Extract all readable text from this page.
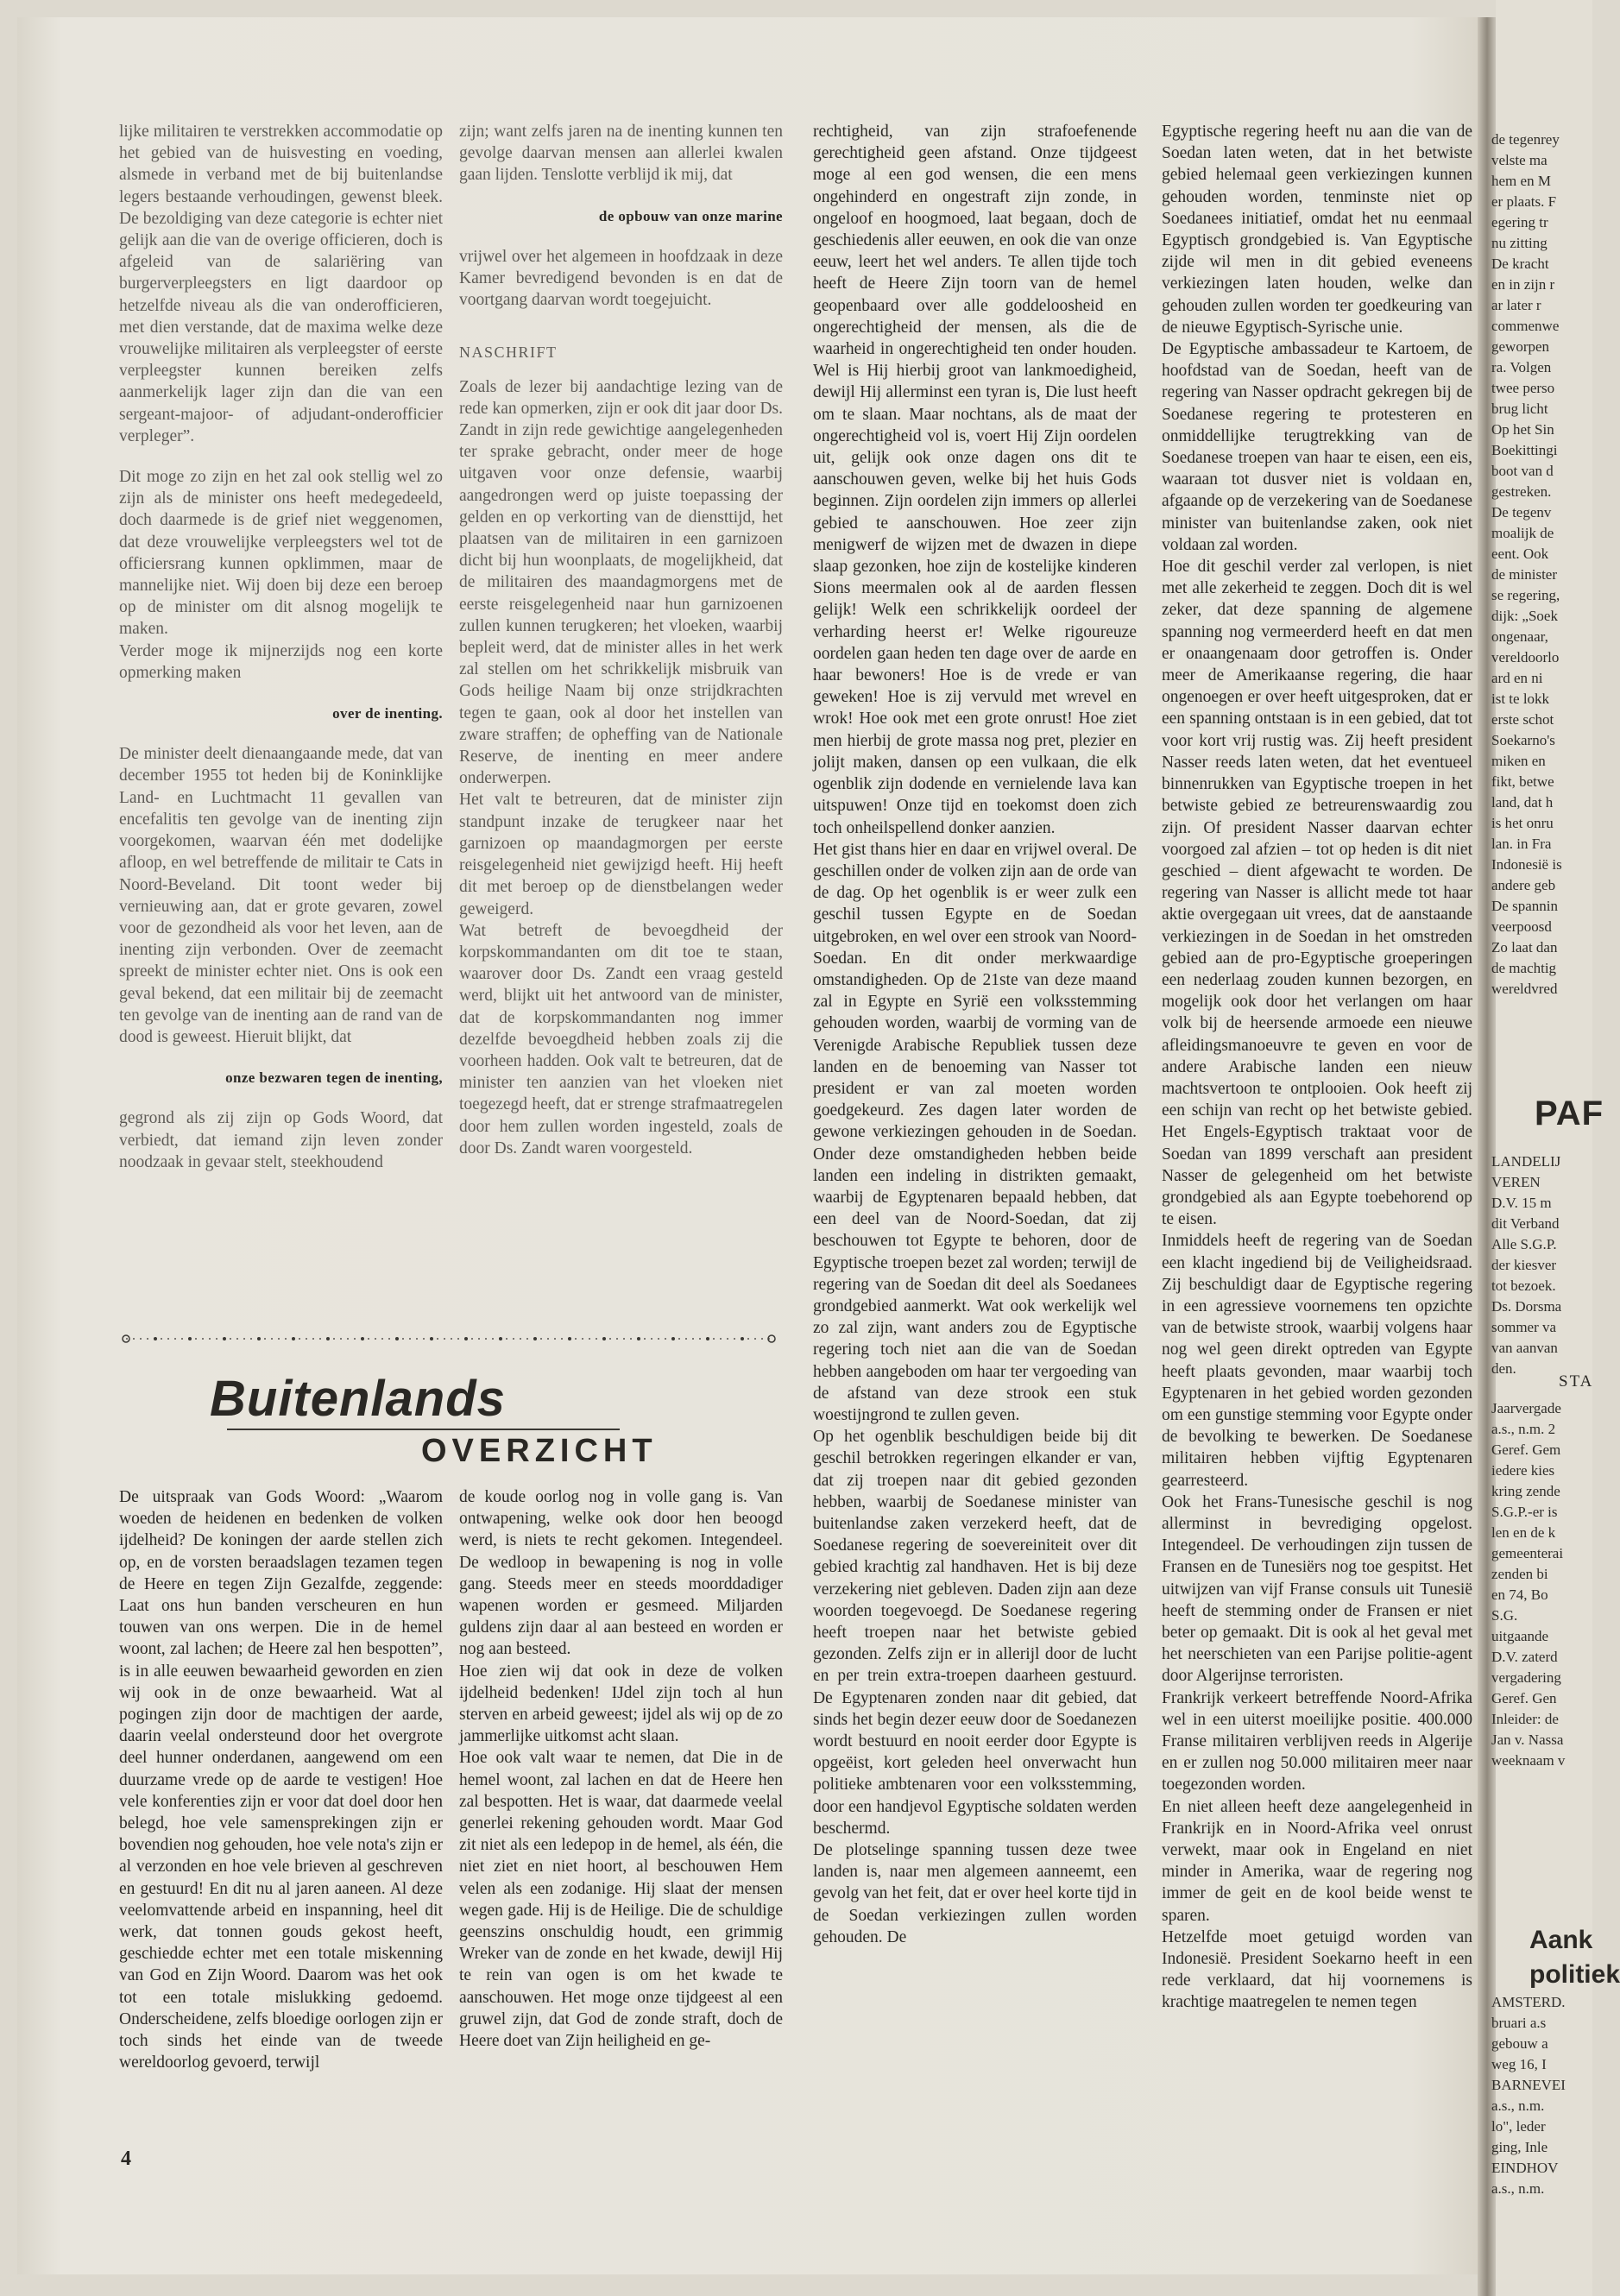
lijke militairen te verstrekken accommodatie op het gebied van de huisvesting en voeding, alsmede in verband met de bij buitenlandse legers bestaande verhoudingen, gewenst bleek. De bezoldiging van deze categorie is echter niet gelijk aan die van de overige officieren, doch is afgeleid van de salariëring van burgerverpleegsters en ligt daardoor op hetzelfde niveau als die van onderofficieren, met dien verstande, dat de maxima welke deze vrouwelijke militairen als verpleegster of eerste verpleegster kunnen bereiken zelfs aanmerkelijk lager zijn dan die van een sergeant-majoor- of adjudant-onderofficier verpleger”.

Dit moge zo zijn en het zal ook stellig wel zo zijn als de minister ons heeft medegedeeld, doch daarmede is de grief niet weggenomen, dat deze vrouwelijke verpleegsters wel tot de officiersrang kunnen opklimmen, maar de mannelijke niet. Wij doen bij deze een beroep op de minister om dit alsnog mogelijk te maken.

Verder moge ik mijnerzijds nog een korte opmerking maken

over de inenting.

De minister deelt dienaangaande mede, dat van december 1955 tot heden bij de Koninklijke Land- en Luchtmacht 11 gevallen van encefalitis ten gevolge van de inenting zijn voorgekomen, waarvan één met dodelijke afloop, en wel betreffende de militair te Cats in Noord-Beveland. Dit toont weder bij vernieuwing aan, dat er grote gevaren, zowel voor de gezondheid als voor het leven, aan de inenting zijn verbonden. Over de zeemacht spreekt de minister echter niet. Ons is ook een geval bekend, dat een militair bij de zeemacht ten gevolge van de inenting aan de rand van de dood is geweest. Hieruit blijkt, dat

onze bezwaren tegen de inenting,

gegrond als zij zijn op Gods Woord, dat verbiedt, dat iemand zijn leven zonder noodzaak in gevaar stelt, steekhoudend

zijn; want zelfs jaren na de inenting kunnen ten gevolge daarvan mensen aan allerlei kwalen gaan lijden. Tenslotte verblijd ik mij, dat

de opbouw van onze marine

vrijwel over het algemeen in hoofdzaak in deze Kamer bevredigend bevonden is en dat de voortgang daarvan wordt toegejuicht.

NASCHRIFT

Zoals de lezer bij aandachtige lezing van de rede kan opmerken, zijn er ook dit jaar door Ds. Zandt in zijn rede gewichtige aangelegenheden ter sprake gebracht, onder meer de hoge uitgaven voor onze defensie, waarbij aangedrongen werd op juiste toepassing der gelden en op verkorting van de diensttijd, het plaatsen van de militairen in een garnizoen dicht bij hun woonplaats, de mogelijkheid, dat de militairen des maandagmorgens met de eerste reisgelegenheid naar hun garnizoenen zullen kunnen terugkeren; het vloeken, waarbij bepleit werd, dat de minister alles in het werk zal stellen om het schrikkelijk misbruik van Gods heilige Naam bij onze strijdkrachten tegen te gaan, ook al door het instellen van zware straffen; de opheffing van de Nationale Reserve, de inenting en meer andere onderwerpen.

Het valt te betreuren, dat de minister zijn standpunt inzake de terugkeer naar het garnizoen op maandagmorgen per eerste reisgelegenheid niet gewijzigd heeft. Hij heeft dit met beroep op de dienstbelangen weder geweigerd.

Wat betreft de bevoegdheid der korpskommandanten om dit toe te staan, waarover door Ds. Zandt een vraag gesteld werd, blijkt uit het antwoord van de minister, dat de korpskommandanten nog immer dezelfde bevoegdheid hebben zoals zij die voorheen hadden. Ook valt te betreuren, dat de minister ten aanzien van het vloeken niet toegezegd heeft, dat er strenge strafmaatregelen door hem zullen worden ingesteld, zoals de door Ds. Zandt waren voorgesteld.

rechtigheid, van zijn strafoefenende gerechtigheid geen afstand. Onze tijdgeest moge al een god wensen, die een mens ongehinderd en ongestraft zijn zonde, in ongeloof en hoogmoed, laat begaan, doch de geschiedenis aller eeuwen, en ook die van onze eeuw, leert het wel anders. Te allen tijde toch heeft de Heere Zijn toorn van de hemel geopenbaard over alle goddeloosheid en ongerechtigheid der mensen, als die de waarheid in ongerechtigheid ten onder houden. Wel is Hij hierbij groot van lankmoedigheid, dewijl Hij allerminst een tyran is, Die lust heeft om te slaan. Maar nochtans, als de maat der ongerechtigheid vol is, voert Hij Zijn oordelen uit, gelijk ook onze dagen ons dit te aanschouwen geven, welke bij het huis Gods beginnen. Zijn oordelen zijn immers op allerlei gebied te aanschouwen. Hoe zeer zijn menigwerf de wijzen met de dwazen in diepe slaap gezonken, hoe zijn de kostelijke kinderen Sions meermalen ook al de aarden flessen gelijk! Welk een schrikkelijk oordeel der verharding heerst er! Welke rigoureuze oordelen gaan heden ten dage over de aarde en haar bewoners! Hoe is de vrede er van geweken! Hoe is zij vervuld met wrevel en wrok! Hoe ook met een grote onrust! Hoe ziet men hierbij de grote massa nog pret, plezier en jolijt maken, dansen op een vulkaan, die elk ogenblik zijn dodende en vernielende lava kan uitspuwen! Onze tijd en toekomst doen zich toch onheilspellend donker aanzien.

Het gist thans hier en daar en vrijwel overal. De geschillen onder de volken zijn aan de orde van de dag. Op het ogenblik is er weer zulk een geschil tussen Egypte en de Soedan uitgebroken, en wel over een strook van Noord-Soedan. En dit onder merkwaardige omstandigheden. Op de 21ste van deze maand zal in Egypte en Syrië een volksstemming gehouden worden, waarbij de vorming van de Verenigde Arabische Republiek tussen deze landen en de benoeming van Nasser tot president er van zal moeten worden goedgekeurd. Zes dagen later worden de gewone verkiezingen gehouden in de Soedan. Onder deze omstandigheden hebben beide landen een indeling in distrikten gemaakt, waarbij de Egyptenaren bepaald hebben, dat een deel van de Noord-Soedan, dat zij beschouwen tot Egypte te behoren, door de Egyptische troepen bezet zal worden; terwijl de regering van de Soedan dit deel als Soedanees grondgebied aanmerkt. Wat ook werkelijk wel zo zal zijn, want anders zou de Egyptische regering toch niet aan die van de Soedan hebben aangeboden om haar ter vergoeding van de afstand van deze strook een stuk woestijngrond te zullen geven.

Op het ogenblik beschuldigen beide bij dit geschil betrokken regeringen elkander er van, dat zij troepen naar dit gebied gezonden hebben, waarbij de Soedanese minister van buitenlandse zaken verzekerd heeft, dat de Soedanese regering de soevereiniteit over dit gebied krachtig zal handhaven. Het is bij deze verzekering niet gebleven. Daden zijn aan deze woorden toegevoegd. De Soedanese regering heeft troepen naar het betwiste gebied gezonden. Zelfs zijn er in allerijl door de lucht en per trein extra-troepen daarheen gestuurd. De Egyptenaren zonden naar dit gebied, dat sinds het begin dezer eeuw door de Soedanezen wordt bestuurd en nooit eerder door Egypte is opgeëist, kort geleden heel onverwacht hun politieke ambtenaren voor een volksstemming, door een handjevol Egyptische soldaten werden beschermd.

De plotselinge spanning tussen deze twee landen is, naar men algemeen aanneemt, een gevolg van het feit, dat er over heel korte tijd in de Soedan verkiezingen zullen worden gehouden. De

Egyptische regering heeft nu aan die van de Soedan laten weten, dat in het betwiste gebied helemaal geen verkiezingen kunnen gehouden worden, tenminste niet op Soedanees initiatief, omdat het nu eenmaal Egyptisch grondgebied is. Van Egyptische zijde wil men in dit gebied eveneens verkiezingen laten houden, welke dan gehouden zullen worden ter goedkeuring van de nieuwe Egyptisch-Syrische unie.

De Egyptische ambassadeur te Kartoem, de hoofdstad van de Soedan, heeft van de regering van Nasser opdracht gekregen bij de Soedanese regering te protesteren en onmiddellijke terugtrekking van de Soedanese troepen van haar te eisen, een eis, waaraan tot dusver niet is voldaan en, afgaande op de verzekering van de Soedanese minister van buitenlandse zaken, ook niet voldaan zal worden.

Hoe dit geschil verder zal verlopen, is niet met alle zekerheid te zeggen. Doch dit is wel zeker, dat deze spanning de algemene spanning nog vermeerderd heeft en dat men er onaangenaam door getroffen is. Onder meer de Amerikaanse regering, die haar ongenoegen er over heeft uitgesproken, dat er een spanning ontstaan is in een gebied, dat tot voor kort vrij rustig was. Zij heeft president Nasser reeds laten weten, dat het eventueel binnenrukken van Egyptische troepen in het betwiste gebied ze betreurenswaardig zou zijn. Of president Nasser daarvan echter voorgoed zal afzien – tot op heden is dit niet geschied – dient afgewacht te worden. De regering van Nasser is allicht mede tot haar aktie overgegaan uit vrees, dat de aanstaande verkiezingen in de Soedan in het omstreden gebied aan de pro-Egyptische groeperingen een nederlaag zouden kunnen bezorgen, en mogelijk ook door het verlangen om haar volk bij de heersende armoede een nieuwe afleidingsmanoeuvre te geven en voor de andere Arabische landen een nieuw machtsvertoon te ontplooien. Ook heeft zij een schijn van recht op het betwiste gebied. Het Engels-Egyptisch traktaat voor de Soedan van 1899 verschaft aan president Nasser de gelegenheid om het betwiste grondgebied als aan Egypte toebehorend op te eisen.

Inmiddels heeft de regering van de Soedan een klacht ingediend bij de Veiligheidsraad. Zij beschuldigt daar de Egyptische regering in een agressieve voornemens ten opzichte van de betwiste strook, waarbij volgens haar nog wel geen direkt optreden van Egypte heeft plaats gevonden, maar waarbij toch Egyptenaren in het gebied worden gezonden om een gunstige stemming voor Egypte onder de bevolking te bewerken. De Soedanese militairen hebben vijftig Egyptenaren gearresteerd.

Ook het Frans-Tunesische geschil is nog allerminst in bevrediging opgelost. Integendeel. De verhoudingen zijn tussen de Fransen en de Tunesiërs nog toe gespitst. Het uitwijzen van vijf Franse consuls uit Tunesië heeft de stemming onder de Fransen er niet beter op gemaakt. Dit is ook al het geval met het neerschieten van een Parijse politie-agent door Algerijnse terroristen.

Frankrijk verkeert betreffende Noord-Afrika wel in een uiterst moeilijke positie. 400.000 Franse militairen verblijven reeds in Algerije en er zullen nog 50.000 militairen meer naar toegezonden worden.

En niet alleen heeft deze aangelegenheid in Frankrijk en in Noord-Afrika veel onrust verwekt, maar ook in Engeland en niet minder in Amerika, waar de regering nog immer de geit en de kool beide wenst te sparen.

Hetzelfde moet getuigd worden van Indonesië. President Soekarno heeft in een rede verklaard, dat hij voornemens is krachtige maatregelen te nemen tegen

Buitenlands
OVERZICHT

De uitspraak van Gods Woord: „Waarom woeden de heidenen en bedenken de volken ijdelheid? De koningen der aarde stellen zich op, en de vorsten beraadslagen tezamen tegen de Heere en tegen Zijn Gezalfde, zeggende: Laat ons hun banden verscheuren en hun touwen van ons werpen. Die in de hemel woont, zal lachen; de Heere zal hen bespotten”, is in alle eeuwen bewaarheid geworden en zien wij ook in de onze bewaarheid. Wat al pogingen zijn door de machtigen der aarde, daarin veelal ondersteund door het overgrote deel hunner onderdanen, aangewend om een duurzame vrede op de aarde te vestigen! Hoe vele konferenties zijn er voor dat doel door hen belegd, hoe vele samensprekingen zijn er bovendien nog gehouden, hoe vele nota's zijn er al verzonden en hoe vele brieven al geschreven en gestuurd! En dit nu al jaren aaneen. Al deze veelomvattende arbeid en inspanning, heel dit werk, dat tonnen gouds gekost heeft, geschiedde echter met een totale miskenning van God en Zijn Woord. Daarom was het ook tot een totale mislukking gedoemd. Onderscheidene, zelfs bloedige oorlogen zijn er toch sinds het einde van de tweede wereldoorlog gevoerd, terwijl

de koude oorlog nog in volle gang is. Van ontwapening, welke ook door hen beoogd werd, is niets te recht gekomen. Integendeel. De wedloop in bewapening is nog in volle gang. Steeds meer en steeds moorddadiger wapenen worden er gesmeed. Miljarden guldens zijn daar al aan besteed en worden er nog aan besteed.

Hoe zien wij dat ook in deze de volken ijdelheid bedenken! IJdel zijn toch al hun sterven en arbeid geweest; ijdel als wij op de zo jammerlijke uitkomst acht slaan.

Hoe ook valt waar te nemen, dat Die in de hemel woont, zal lachen en dat de Heere hen zal bespotten. Het is waar, dat daarmede veelal generlei rekening gehouden wordt. Maar God zit niet als een ledepop in de hemel, als één, die niet ziet en niet hoort, al beschouwen Hem velen als een zodanige. Hij slaat der mensen wegen gade. Hij is de Heilige. Die de schuldige geenszins onschuldig houdt, een grimmig Wreker van de zonde en het kwade, dewijl Hij te rein van ogen is om het kwade te aanschouwen. Het moge onze tijdgeest al een gruwel zijn, dat God de zonde straft, doch de Heere doet van Zijn heiligheid en ge-

4

de tegenrey

velste ma

hem en M

er plaats. F

egering tr

nu zitting

De kracht

en in zijn r

ar later r

commenwe

geworpen

ra. Volgen

twee perso

brug licht

Op het Sin

Boekittingi

boot van d

gestreken.

De tegenv

moalijk de

eent. Ook

de minister

se regering,

dijk: „Soek

ongenaar,

vereldoorlo

ard en ni

ist te lokk

erste schot

Soekarno's

miken en

fikt, betwe

land, dat h

is het onru

lan. in Fra

Indonesië is

andere geb

De spannin

veerpoosd

Zo laat dan

de machtig

wereldvred

PAF

LANDELIJ

VEREN

D.V. 15 m

dit Verband

Alle S.G.P.

der kiesver

tot bezoek.

Ds. Dorsma

sommer va

van aanvan

den.

STA

Jaarvergade

a.s., n.m. 2

Geref. Gem

iedere kies

kring zende

S.G.P.-er is

len en de k

gemeenterai

zenden bi

en 74, Bo

S.G.

uitgaande

D.V. zaterd

vergadering

Geref. Gen

Inleider: de

Jan v. Nassa

weeknaam v

Aank
politiek

AMSTERD.

bruari a.s

gebouw a

weg 16, I

BARNEVEI

a.s., n.m.

lo", leder

ging, Inle

EINDHOV

a.s., n.m.
